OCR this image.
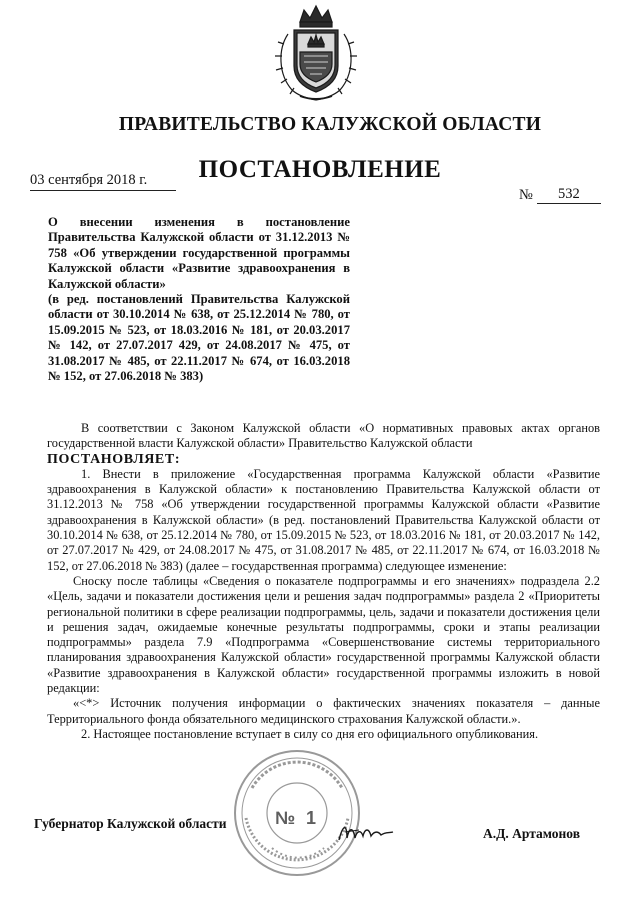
ПРАВИТЕЛЬСТВО КАЛУЖСКОЙ ОБЛАСТИ
ПОСТАНОВЛЕНИЕ
03 сентября 2018 г.
№	532
О внесении изменения в постановление Правительства Калужской области от 31.12.2013 № 758 «Об утверждении государственной программы Калужской области «Развитие здравоохранения в Калужской области»
(в ред. постановлений Правительства Калужской области от 30.10.2014 № 638, от 25.12.2014 № 780, от 15.09.2015 № 523, от 18.03.2016 № 181, от 20.03.2017 № 142, от 27.07.2017 429, от 24.08.2017 № 475, от 31.08.2017 № 485, от 22.11.2017 № 674, от 16.03.2018 № 152, от 27.06.2018 № 383)

В соответствии с Законом Калужской области «О нормативных правовых актах органов государственной власти Калужской области» Правительство Калужской области

ПОСТАНОВЛЯЕТ:

1. Внести в приложение «Государственная программа Калужской области «Развитие здравоохранения в Калужской области» к постановлению Правительства Калужской области от 31.12.2013 № 758 «Об утверждении государственной программы Калужской области «Развитие здравоохранения в Калужской области» (в ред. постановлений Правительства Калужской области от 30.10.2014 № 638, от 25.12.2014 № 780, от 15.09.2015 № 523, от 18.03.2016 № 181, от 20.03.2017 № 142, от 27.07.2017 № 429, от 24.08.2017 № 475, от 31.08.2017 № 485, от 22.11.2017 № 674, от 16.03.2018 № 152, от 27.06.2018 № 383) (далее – государственная программа) следующее изменение:

Сноску после таблицы «Сведения о показателе подпрограммы и его значениях» подраздела 2.2 «Цель, задачи и показатели достижения цели и решения задач подпрограммы» раздела 2 «Приоритеты региональной политики в сфере реализации подпрограммы, цель, задачи и показатели достижения цели и решения задач, ожидаемые конечные результаты подпрограммы, сроки и этапы реализации подпрограммы» раздела 7.9 «Подпрограмма «Совершенствование системы территориального планирования здравоохранения Калужской области» государственной программы Калужской области «Развитие здравоохранения в Калужской области» государственной программы изложить в новой редакции:

«<*> Источник получения информации о фактических значениях показателя – данные Территориального фонда обязательного медицинского страхования Калужской области.».

2. Настоящее постановление вступает в силу со дня его официального опубликования.

№ 1
Губернатор Калужской области
А.Д. Артамонов
